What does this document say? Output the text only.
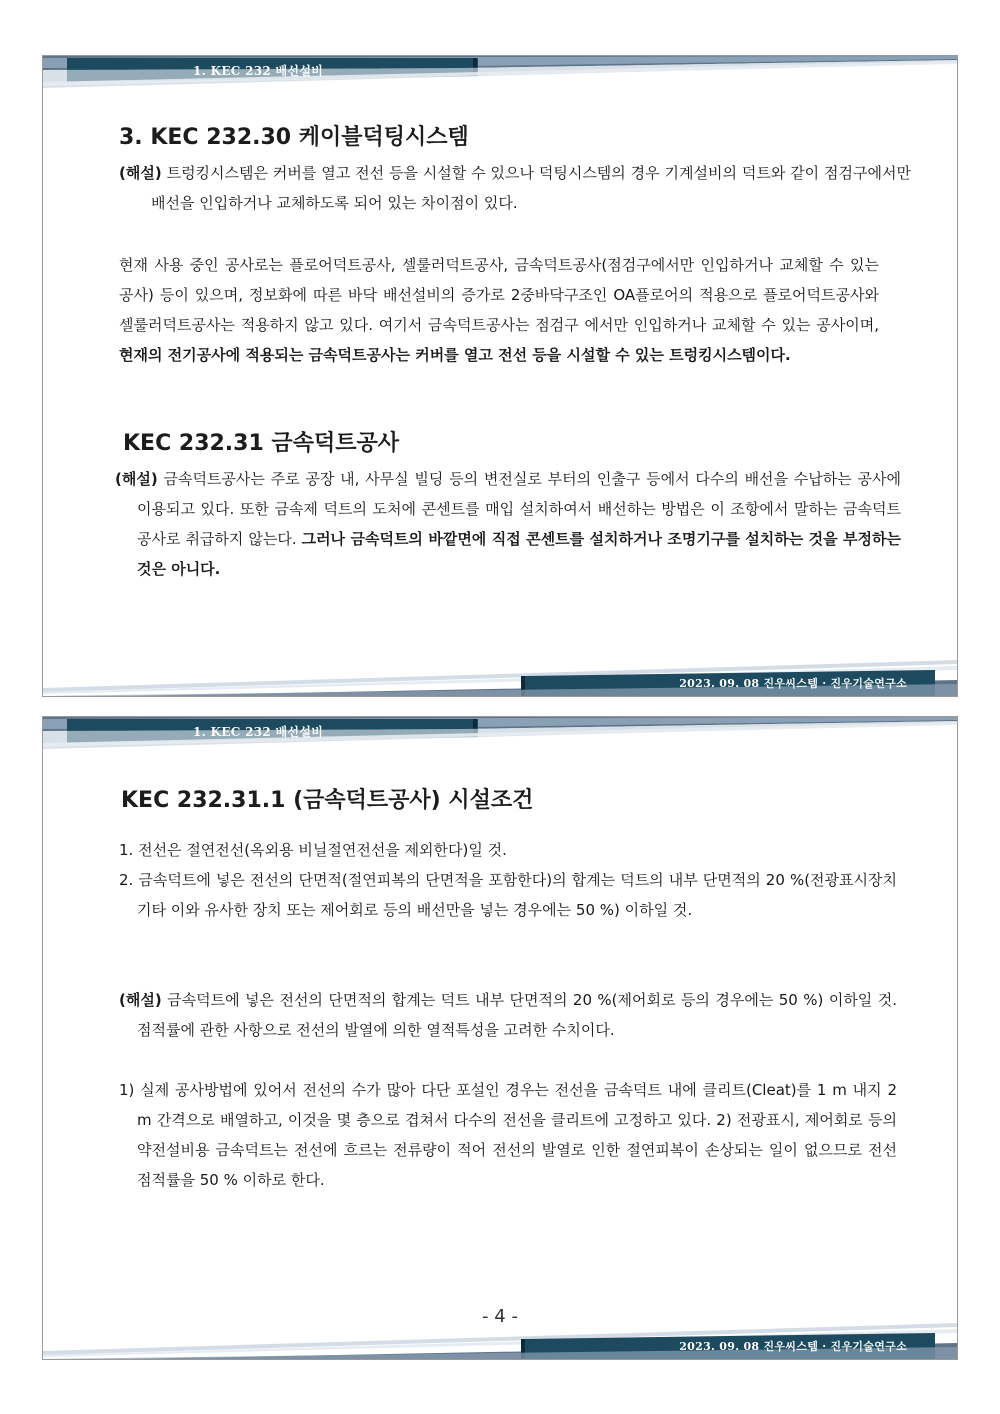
1. KEC 232 배선설비
3. KEC 232.30 케이블덕팅시스템
(해설) 트렁킹시스템은 커버를 열고 전선 등을 시설할 수 있으나 덕팅시스템의 경우 기계설비의 덕트와 같이 점검구에서만 배선을 인입하거나 교체하도록 되어 있는 차이점이 있다.
현재 사용 중인 공사로는 플로어덕트공사, 셀룰러덕트공사, 금속덕트공사(점검구에서만 인입하거나 교체할 수 있는 공사) 등이 있으며, 정보화에 따른 바닥 배선설비의 증가로 2중바닥구조인 OA플로어의 적용으로 플로어덕트공사와 셀룰러덕트공사는 적용하지 않고 있다. 여기서 금속덕트공사는 점검구 에서만 인입하거나 교체할 수 있는 공사이며, 현재의 전기공사에 적용되는 금속덕트공사는 커버를 열고 전선 등을 시설할 수 있는 트렁킹시스템이다.
KEC 232.31 금속덕트공사
(해설) 금속덕트공사는 주로 공장 내, 사무실 빌딩 등의 변전실로 부터의 인출구 등에서 다수의 배선을 수납하는 공사에 이용되고 있다. 또한 금속제 덕트의 도처에 콘센트를 매입 설치하여서 배선하는 방법은 이 조항에서 말하는 금속덕트공사로 취급하지 않는다. 그러나 금속덕트의 바깥면에 직접 콘센트를 설치하거나 조명기구를 설치하는 것을 부정하는 것은 아니다.
2023. 09. 08 진우씨스템 · 진우기술연구소
1. KEC 232 배선설비
KEC 232.31.1 (금속덕트공사) 시설조건
1. 전선은 절연전선(옥외용 비닐절연전선을 제외한다)일 것.
2. 금속덕트에 넣은 전선의 단면적(절연피복의 단면적을 포함한다)의 합계는 덕트의 내부 단면적의 20 %(전광표시장치 기타 이와 유사한 장치 또는 제어회로 등의 배선만을 넣는 경우에는 50 %) 이하일 것.
(해설) 금속덕트에 넣은 전선의 단면적의 합계는 덕트 내부 단면적의 20 %(제어회로 등의 경우에는 50 %) 이하일 것. 점적률에 관한 사항으로 전선의 발열에 의한 열적특성을 고려한 수치이다.
1) 실제 공사방법에 있어서 전선의 수가 많아 다단 포설인 경우는 전선을 금속덕트 내에 클리트(Cleat)를 1 m 내지 2 m 간격으로 배열하고, 이것을 몇 층으로 겹쳐서 다수의 전선을 클리트에 고정하고 있다. 2) 전광표시, 제어회로 등의 약전설비용 금속덕트는 전선에 흐르는 전류량이 적어 전선의 발열로 인한 절연피복이 손상되는 일이 없으므로 전선 점적률을 50 % 이하로 한다.
2023. 09. 08 진우씨스템 · 진우기술연구소
- 4 -
